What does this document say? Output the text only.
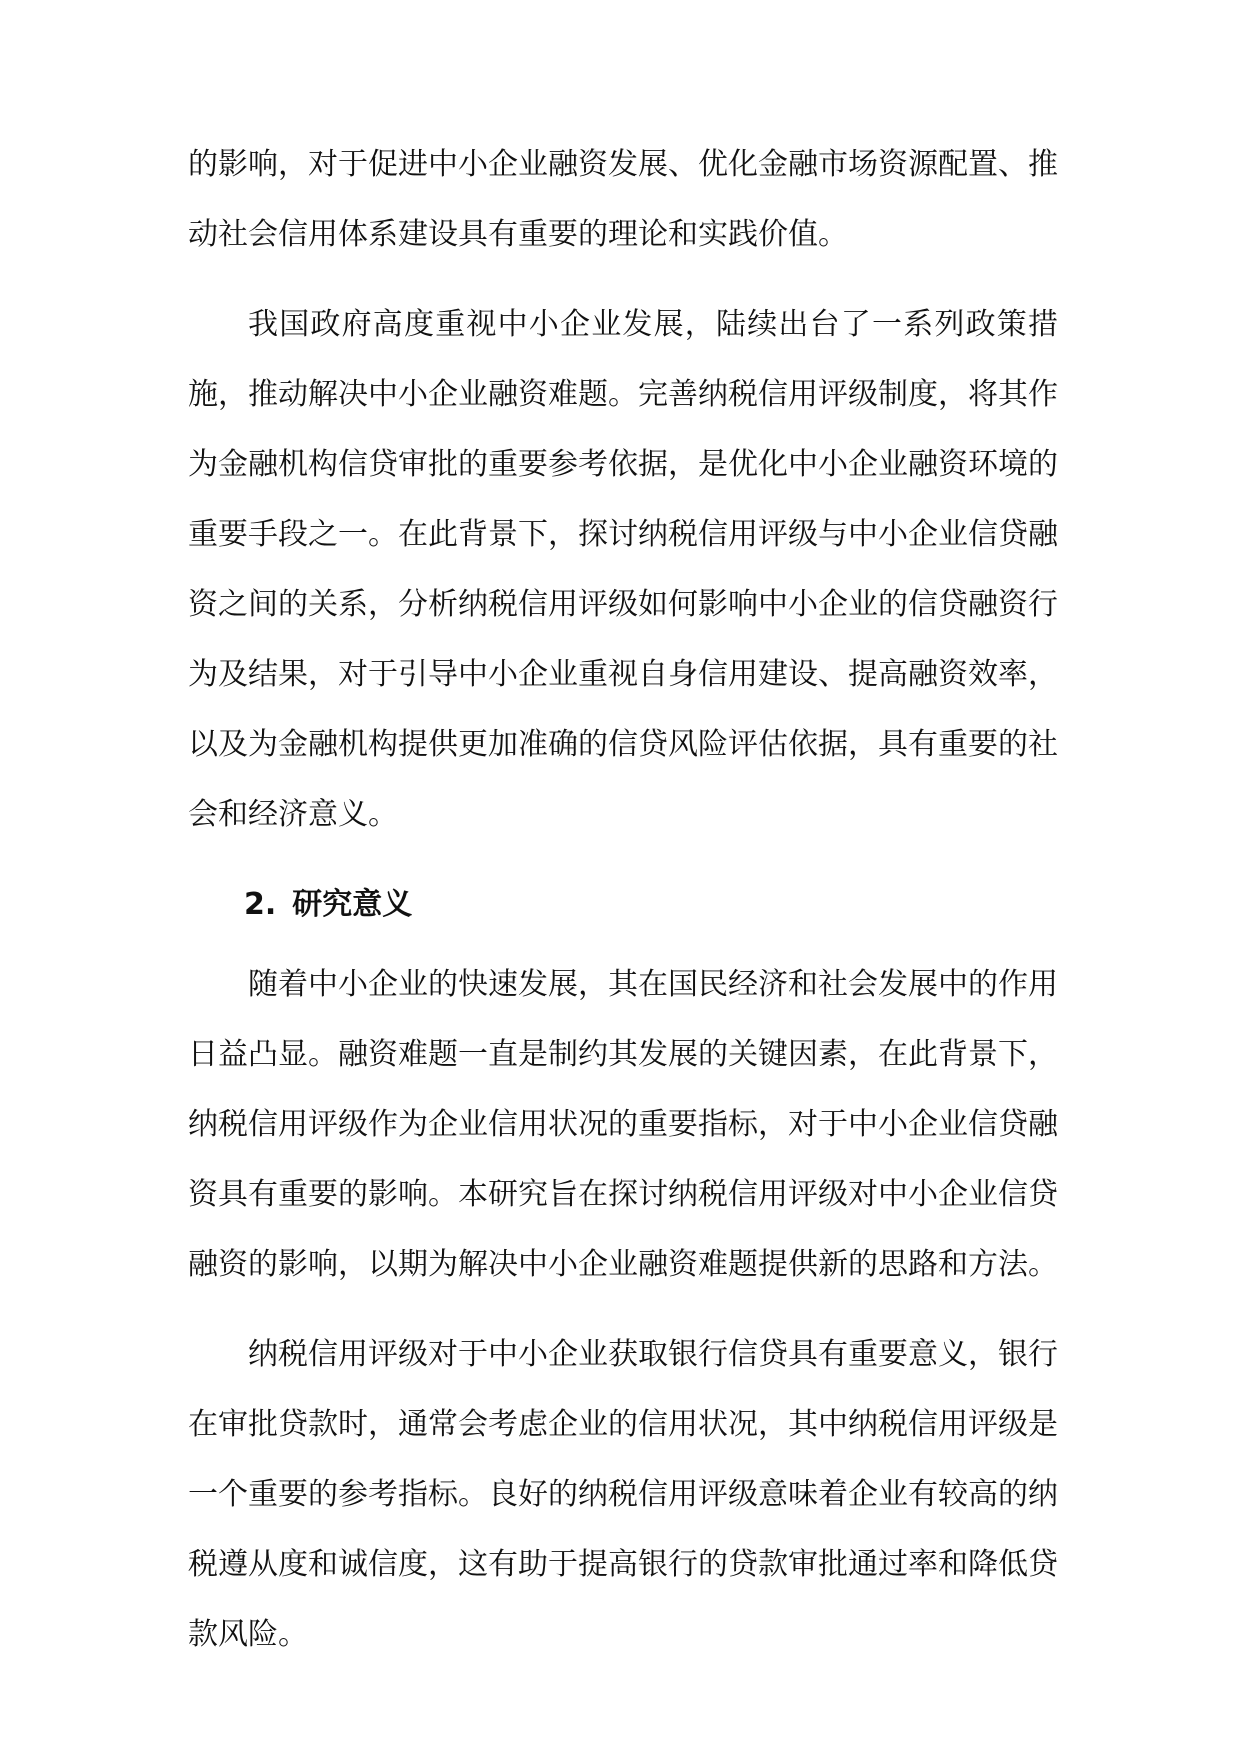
的影响，对于促进中小企业融资发展、优化金融市场资源配置、推动社会信用体系建设具有重要的理论和实践价值。

我国政府高度重视中小企业发展，陆续出台了一系列政策措施，推动解决中小企业融资难题。完善纳税信用评级制度，将其作为金融机构信贷审批的重要参考依据，是优化中小企业融资环境的重要手段之一。在此背景下，探讨纳税信用评级与中小企业信贷融资之间的关系，分析纳税信用评级如何影响中小企业的信贷融资行为及结果，对于引导中小企业重视自身信用建设、提高融资效率，以及为金融机构提供更加准确的信贷风险评估依据，具有重要的社会和经济意义。

2. 研究意义

随着中小企业的快速发展，其在国民经济和社会发展中的作用日益凸显。融资难题一直是制约其发展的关键因素，在此背景下，纳税信用评级作为企业信用状况的重要指标，对于中小企业信贷融资具有重要的影响。本研究旨在探讨纳税信用评级对中小企业信贷融资的影响，以期为解决中小企业融资难题提供新的思路和方法。

纳税信用评级对于中小企业获取银行信贷具有重要意义，银行在审批贷款时，通常会考虑企业的信用状况，其中纳税信用评级是一个重要的参考指标。良好的纳税信用评级意味着企业有较高的纳税遵从度和诚信度，这有助于提高银行的贷款审批通过率和降低贷款风险。
